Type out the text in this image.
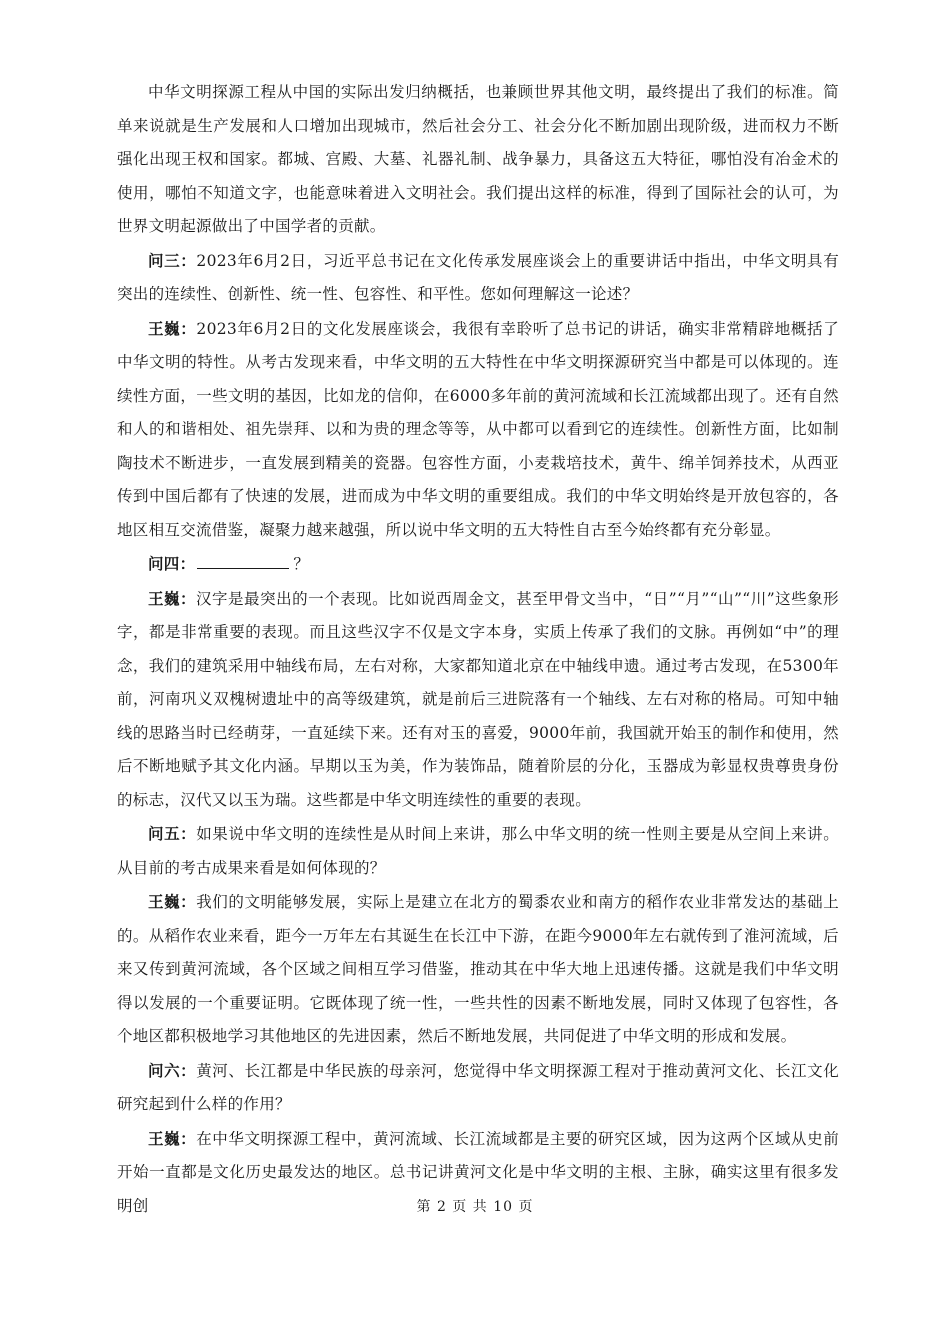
中华文明探源工程从中国的实际出发归纳概括，也兼顾世界其他文明，最终提出了我们的标准。简单来说就是生产发展和人口增加出现城市，然后社会分工、社会分化不断加剧出现阶级，进而权力不断强化出现王权和国家。都城、宫殿、大墓、礼器礼制、战争暴力，具备这五大特征，哪怕没有冶金术的使用，哪怕不知道文字，也能意味着进入文明社会。我们提出这样的标准，得到了国际社会的认可，为世界文明起源做出了中国学者的贡献。

问三：2023年6月2日，习近平总书记在文化传承发展座谈会上的重要讲话中指出，中华文明具有突出的连续性、创新性、统一性、包容性、和平性。您如何理解这一论述？

王巍：2023年6月2日的文化发展座谈会，我很有幸聆听了总书记的讲话，确实非常精辟地概括了中华文明的特性。从考古发现来看，中华文明的五大特性在中华文明探源研究当中都是可以体现的。连续性方面，一些文明的基因，比如龙的信仰，在6000多年前的黄河流域和长江流域都出现了。还有自然和人的和谐相处、祖先崇拜、以和为贵的理念等等，从中都可以看到它的连续性。创新性方面，比如制陶技术不断进步，一直发展到精美的瓷器。包容性方面，小麦栽培技术，黄牛、绵羊饲养技术，从西亚传到中国后都有了快速的发展，进而成为中华文明的重要组成。我们的中华文明始终是开放包容的，各地区相互交流借鉴，凝聚力越来越强，所以说中华文明的五大特性自古至今始终都有充分彰显。

问四：	？

王巍：汉字是最突出的一个表现。比如说西周金文，甚至甲骨文当中，“日”“月”“山”“川”这些象形字，都是非常重要的表现。而且这些汉字不仅是文字本身，实质上传承了我们的文脉。再例如“中”的理念，我们的建筑采用中轴线布局，左右对称，大家都知道北京在中轴线申遗。通过考古发现，在5300年前，河南巩义双槐树遗址中的高等级建筑，就是前后三进院落有一个轴线、左右对称的格局。可知中轴线的思路当时已经萌芽，一直延续下来。还有对玉的喜爱，9000年前，我国就开始玉的制作和使用，然后不断地赋予其文化内涵。早期以玉为美，作为装饰品，随着阶层的分化，玉器成为彰显权贵尊贵身份的标志，汉代又以玉为瑞。这些都是中华文明连续性的重要的表现。

问五：如果说中华文明的连续性是从时间上来讲，那么中华文明的统一性则主要是从空间上来讲。从目前的考古成果来看是如何体现的？

王巍：我们的文明能够发展，实际上是建立在北方的蜀黍农业和南方的稻作农业非常发达的基础上的。从稻作农业来看，距今一万年左右其诞生在长江中下游，在距今9000年左右就传到了淮河流域，后来又传到黄河流域，各个区域之间相互学习借鉴，推动其在中华大地上迅速传播。这就是我们中华文明得以发展的一个重要证明。它既体现了统一性，一些共性的因素不断地发展，同时又体现了包容性，各个地区都积极地学习其他地区的先进因素，然后不断地发展，共同促进了中华文明的形成和发展。

问六：黄河、长江都是中华民族的母亲河，您觉得中华文明探源工程对于推动黄河文化、长江文化研究起到什么样的作用？

王巍：在中华文明探源工程中，黄河流域、长江流域都是主要的研究区域，因为这两个区域从史前开始一直都是文化历史最发达的地区。总书记讲黄河文化是中华文明的主根、主脉，确实这里有很多发明创	第 2 页 共 10 页
